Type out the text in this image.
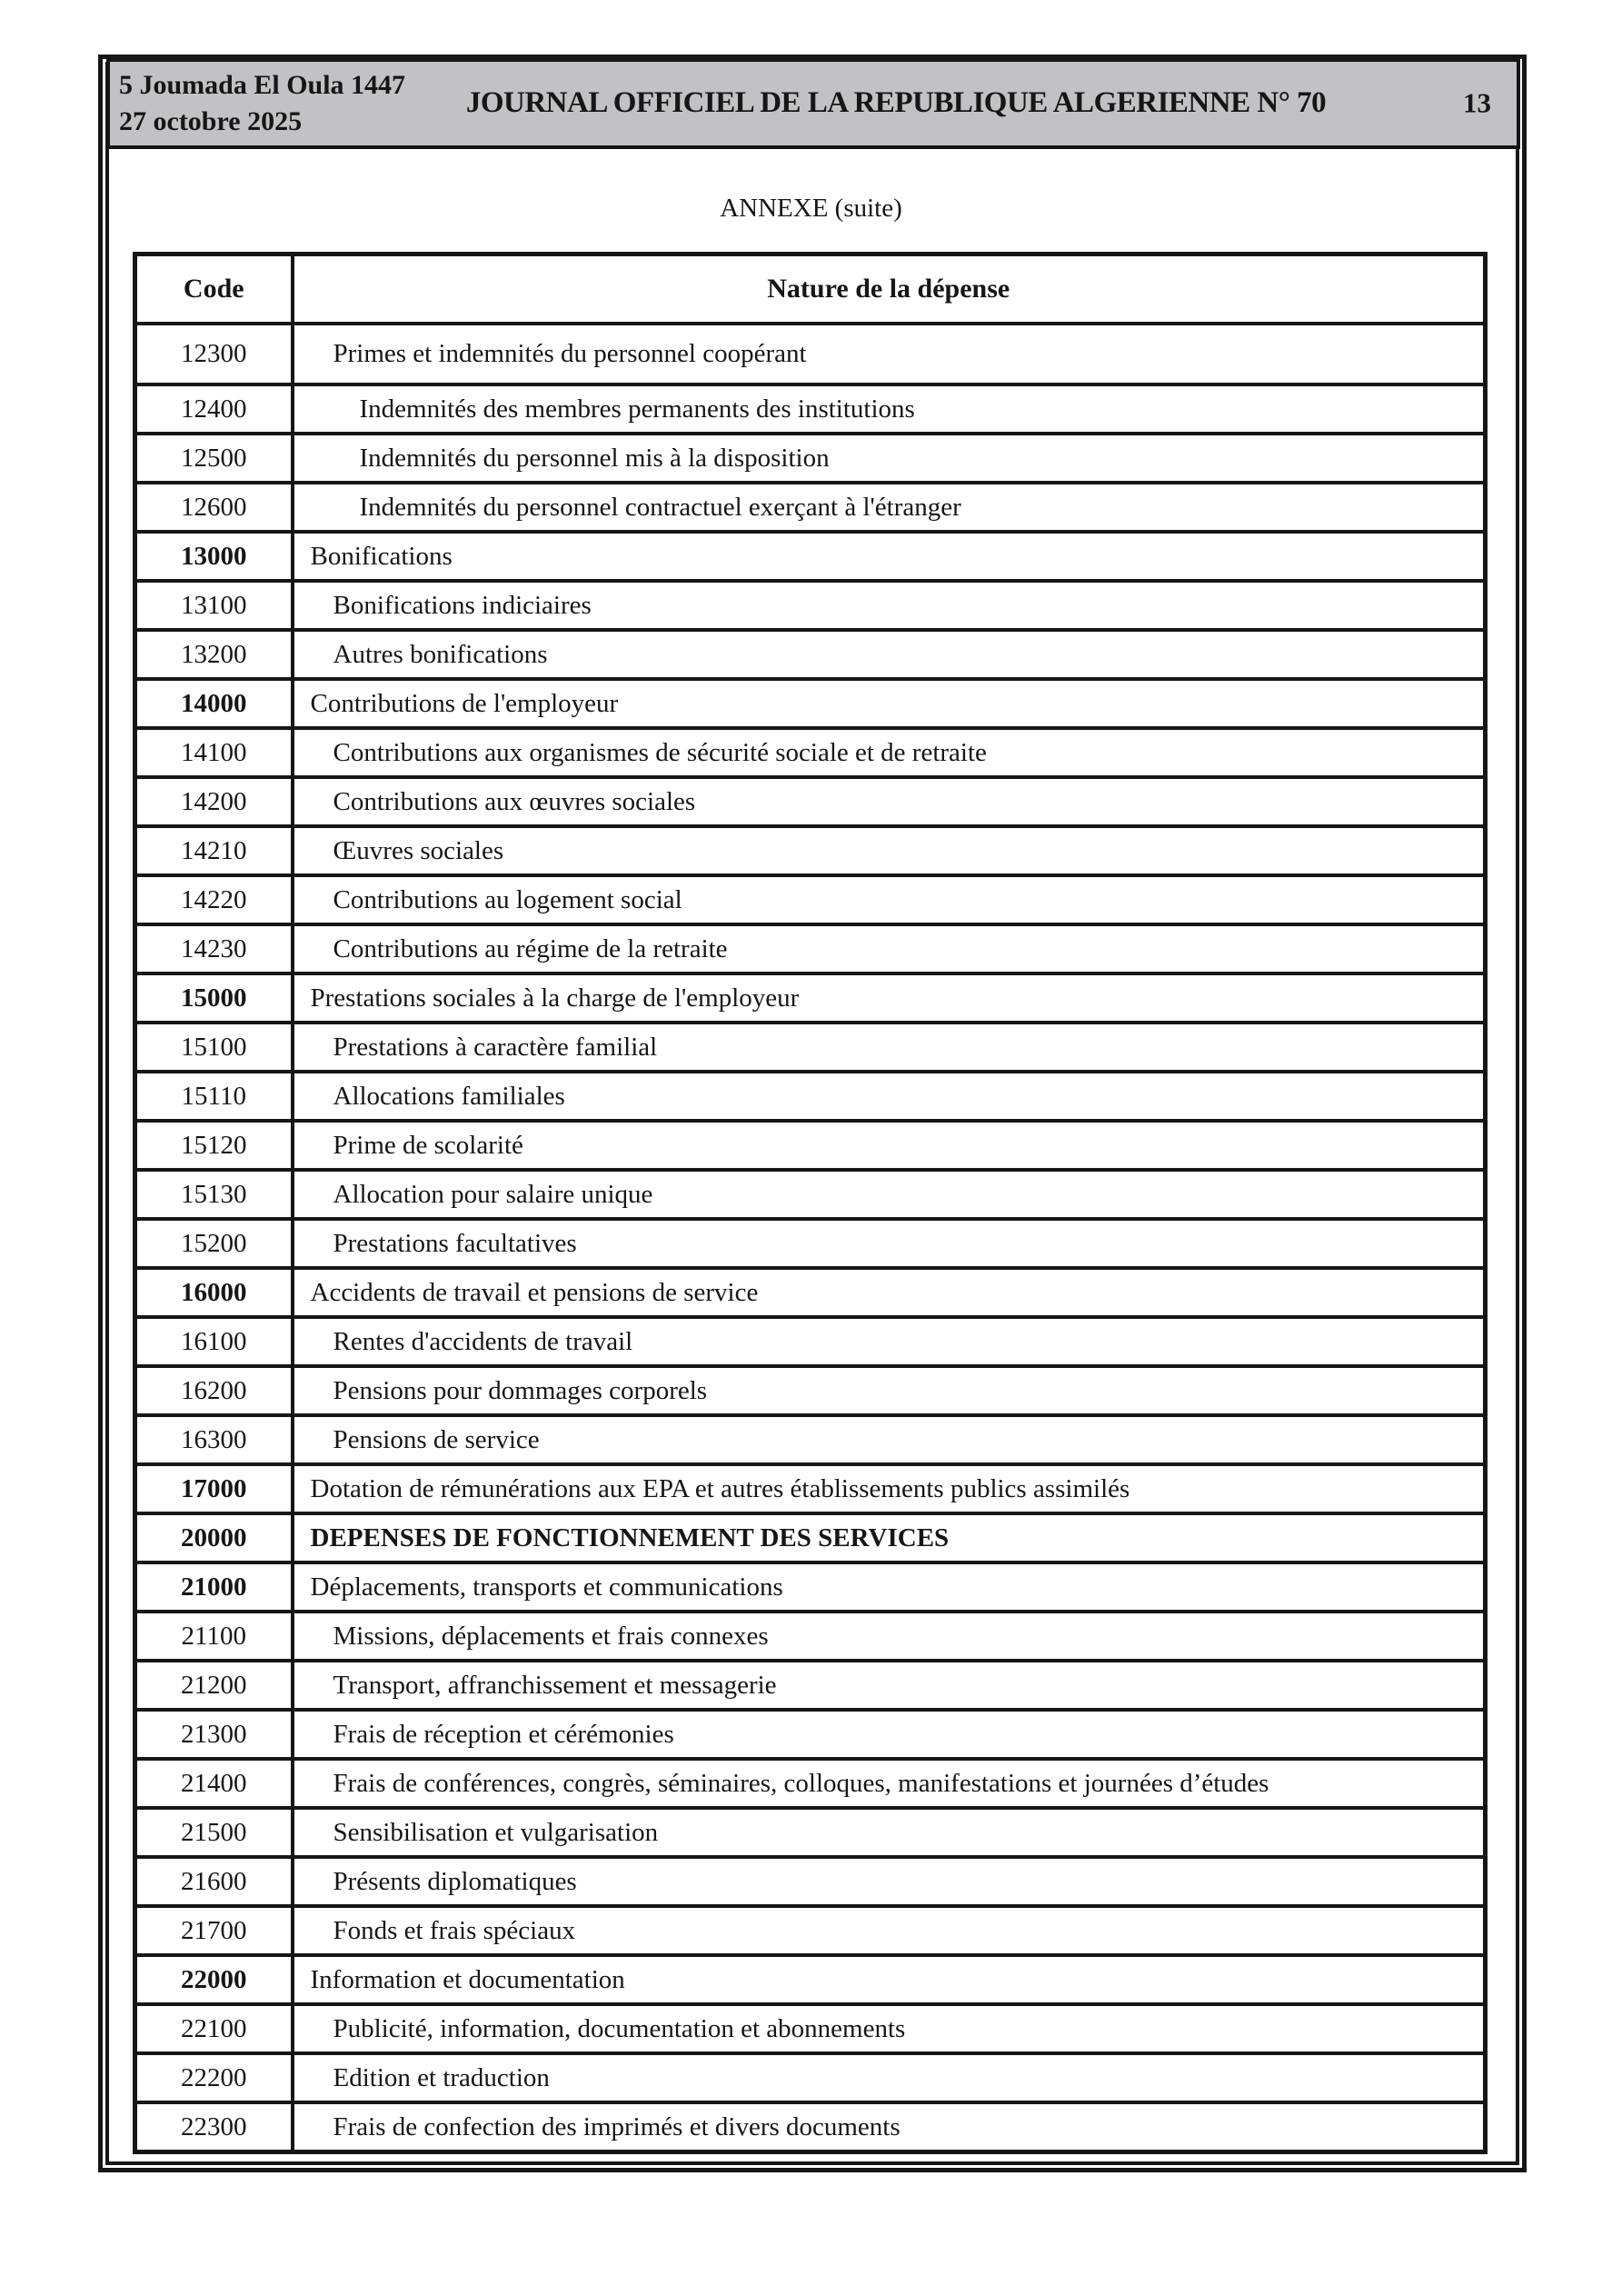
5 Joumada El Oula 1447
27 octobre 2025
JOURNAL OFFICIEL DE LA REPUBLIQUE ALGERIENNE N° 70	13
ANNEXE (suite)
Code	Nature de la dépense
12300	Primes et indemnités du personnel coopérant
12400	Indemnités des membres permanents des institutions
12500	Indemnités du personnel mis à la disposition
12600	Indemnités du personnel contractuel exerçant à l'étranger
13000	Bonifications
13100	Bonifications indiciaires
13200	Autres bonifications
14000	Contributions de l'employeur
14100	Contributions aux organismes de sécurité sociale et de retraite
14200	Contributions aux œuvres sociales
14210	Œuvres sociales
14220	Contributions au logement social
14230	Contributions au régime de la retraite
15000	Prestations sociales à la charge de l'employeur
15100	Prestations à caractère familial
15110	Allocations familiales
15120	Prime de scolarité
15130	Allocation pour salaire unique
15200	Prestations facultatives
16000	Accidents de travail et pensions de service
16100	Rentes d'accidents de travail
16200	Pensions pour dommages corporels
16300	Pensions de service
17000	Dotation de rémunérations aux EPA et autres établissements publics assimilés
20000	DEPENSES DE FONCTIONNEMENT DES SERVICES
21000	Déplacements, transports et communications
21100	Missions, déplacements et frais connexes
21200	Transport, affranchissement et messagerie
21300	Frais de réception et cérémonies
21400	Frais de conférences, congrès, séminaires, colloques, manifestations et journées d’études
21500	Sensibilisation et vulgarisation
21600	Présents diplomatiques
21700	Fonds et frais spéciaux
22000	Information et documentation
22100	Publicité, information, documentation et abonnements
22200	Edition et traduction
22300	Frais de confection des imprimés et divers documents
